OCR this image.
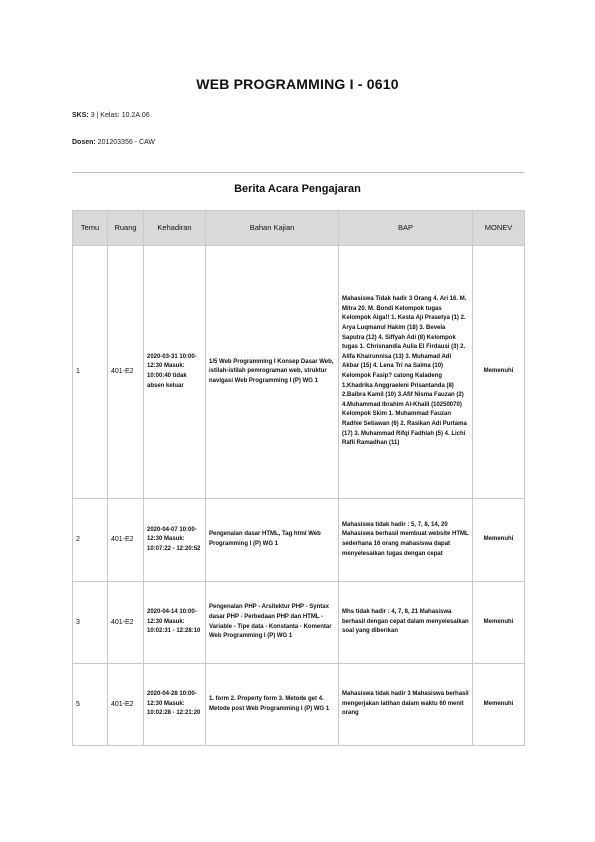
WEB PROGRAMMING I - 0610
SKS: 3 | Kelas: 10.2A.06
Dosen: 201203356 - CAW
Berita Acara Pengajaran
Temu	Ruang	Kehadiran	Bahan Kajian	BAP	MONEV
1	401-E2	2020-03-31 10:00-12:30 Masuk: 10:00:40 tidak absen keluar	1/5 Web Programming I Konsep Dasar Web, istilah-istilah pemrograman web, struktur navigasi Web Programming I (P) WG 1	Mahasiswa Tidak hadir 3 Orang 4. Ari 16. M. Mitra 20. M. Bondi Kelompok tugas Kelompok Aiga!! 1. Kesta Aji Prasetya (1) 2. Arya Luqmanul Hakim (18) 3. Bevela Saputra (12) 4. Siffyah Adi (8) Kelompok tugas 1. Chrisnandia Aulia El Firdausi (3) 2. Alifa Khairunnisa (13) 3. Muhamad Adi Akbar (15) 4. Lena Tri na Salma (10) Kelompok Fasip? catong Kaladeng 1.Khadrika Anggraeleni Prisantanda (8) 2.Baibra Kamil (10) 3.Afif Nisma Fauzan (2) 4.Muhammad Ibrahim Al-Khalil (10250070) Kelompok Skim 1. Muhammad Fauzan Radhie Setiawan (6) 2. Rasikan Adi Purtama (17) 3. Muhammad Rifqi Fadhlah (5) 4. Lichi Rafli Ramadhan (11)	Memenuhi
2	401-E2	2020-04-07 10:00-12:30 Masuk: 10:07:22 - 12:20:52	Pengenalan dasar HTML, Tag html Web Programming I (P) WG 1	Mahasiswa tidak hadir : 5, 7, 8, 14, 20 Mahasiswa berhasil membuat website HTML sederhana 16 orang mahasiswa dapat menyelesaikan tugas dengan cepat	Memenuhi
3	401-E2	2020-04-14 10:00-12:30 Masuk: 10:02:31 - 12:28:10	Pengenalan PHP - Arsitektur PHP - Syntax dasar PHP - Perbedaan PHP dan HTML - Variable - Tipe data - Konstanta - Komentar Web Programming I (P) WG 1	Mhs tidak hadir : 4, 7, 8, 21 Mahasiswa berhasil dengan cepat dalam menyelesaikan soal yang diberikan	Memenuhi
5	401-E2	2020-04-28 10:00-12:30 Masuk: 10:02:28 - 12:21:20	1. form 2. Property form 3. Metode get 4. Metode post Web Programming I (P) WG 1	Mahasiswa tidak hadir 3 Mahasiswa berhasil mengerjakan latihan dalam waktu 60 menit orang	Memenuhi
